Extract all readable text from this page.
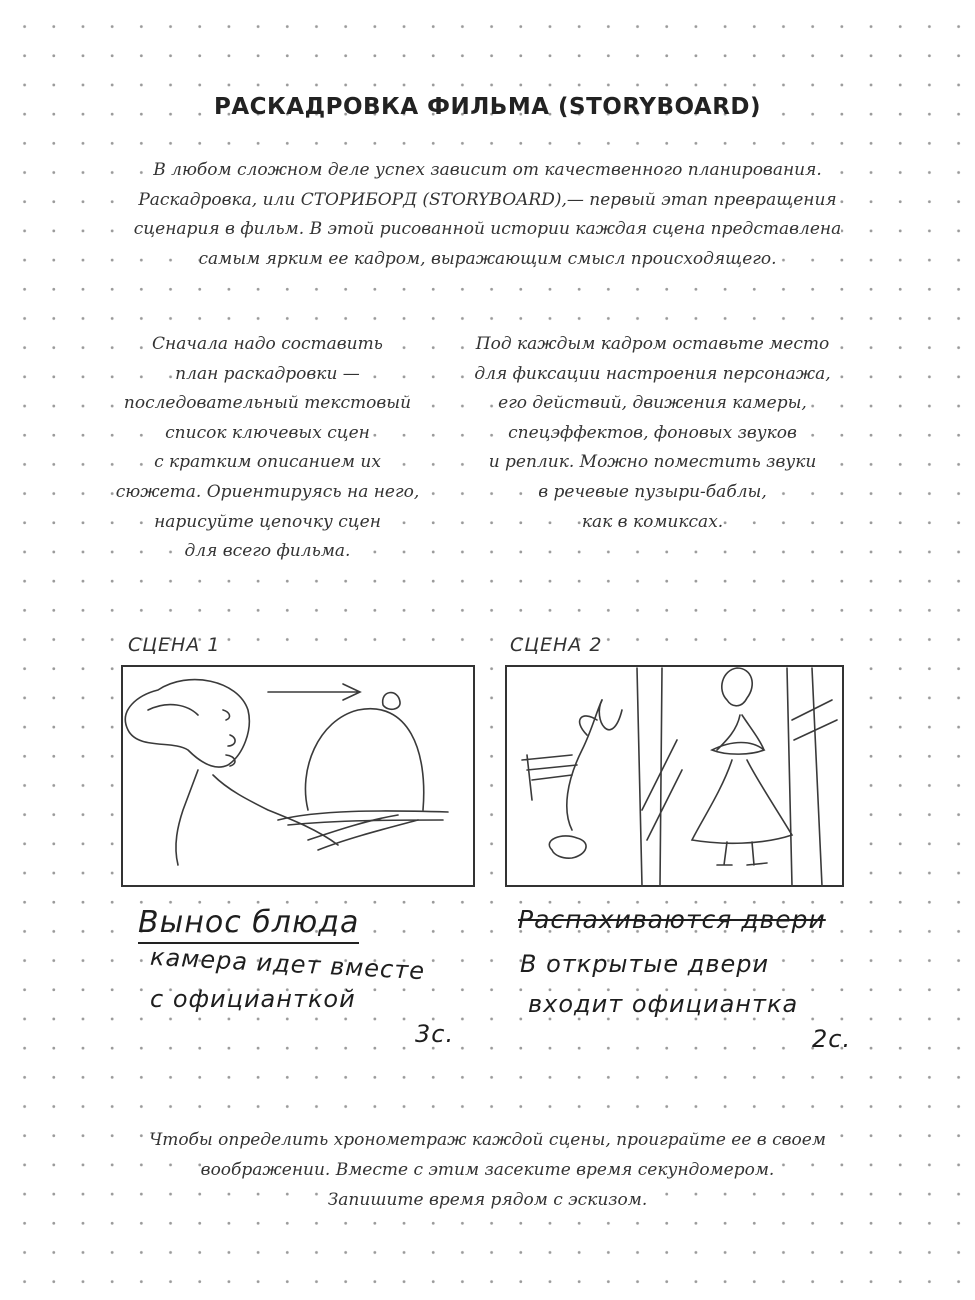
РАСКАДРОВКА ФИЛЬМА (STORYBOARD)
В любом сложном деле успех зависит от качественного планирования.
Раскадровка, или СТОРИБОРД (STORYBOARD),— первый этап превращения
сценария в фильм. В этой рисованной истории каждая сцена представлена
самым ярким ее кадром, выражающим смысл происходящего.
Сначала надо составить
план раскадровки —
последовательный текстовый
список ключевых сцен
с кратким описанием их
сюжета. Ориентируясь на него,
нарисуйте цепочку сцен
для всего фильма.
Под каждым кадром оставьте место
для фиксации настроения персонажа,
его действий, движения камеры,
спецэффектов, фоновых звуков
и реплик. Можно поместить звуки
в речевые пузыри-баблы,
как в комиксах.
СЦЕНА 1
Вынос блюда
камера идет вместе
с официанткой
3с.
СЦЕНА 2
Распахиваются двери
В открытые двери
входит официантка
2с.
Чтобы определить хронометраж каждой сцены, проиграйте ее в своем
воображении. Вместе с этим засеките время секундомером.
Запишите время рядом с эскизом.
